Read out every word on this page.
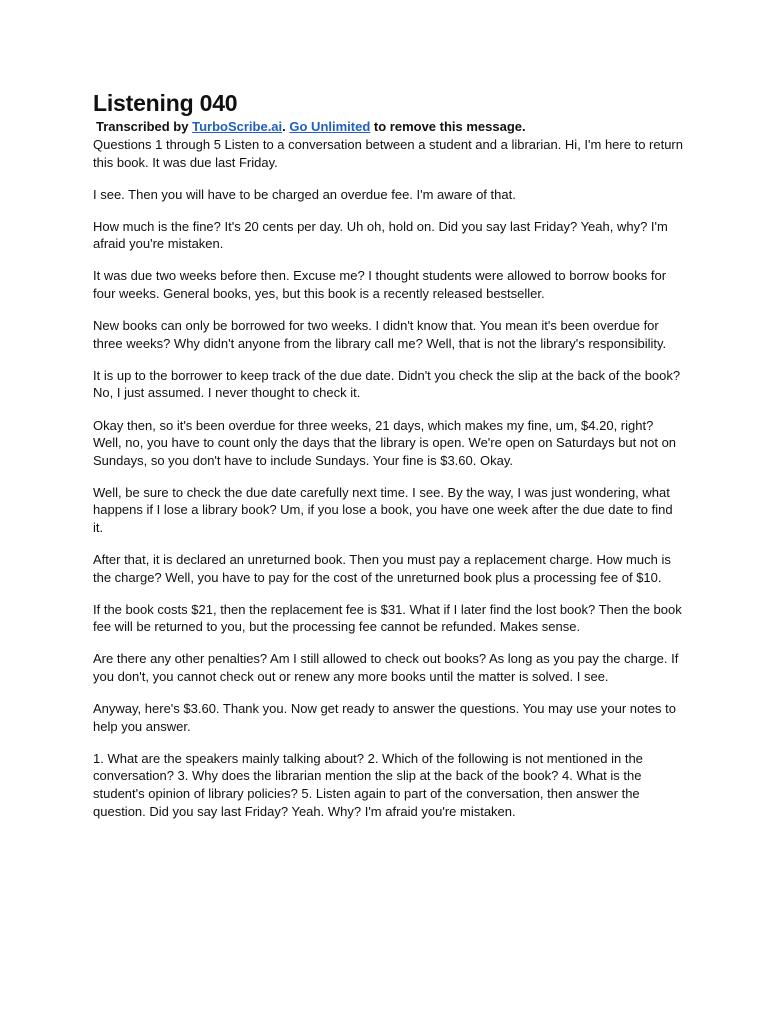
Listening 040

Transcribed by TurboScribe.ai. Go Unlimited to remove this message.

Questions 1 through 5 Listen to a conversation between a student and a librarian. Hi, I'm here to return this book. It was due last Friday.

I see. Then you will have to be charged an overdue fee. I'm aware of that.

How much is the fine? It's 20 cents per day. Uh oh, hold on. Did you say last Friday? Yeah, why? I'm afraid you're mistaken.

It was due two weeks before then. Excuse me? I thought students were allowed to borrow books for four weeks. General books, yes, but this book is a recently released bestseller.

New books can only be borrowed for two weeks. I didn't know that. You mean it's been overdue for three weeks? Why didn't anyone from the library call me? Well, that is not the library's responsibility.

It is up to the borrower to keep track of the due date. Didn't you check the slip at the back of the book? No, I just assumed. I never thought to check it.

Okay then, so it's been overdue for three weeks, 21 days, which makes my fine, um, $4.20, right? Well, no, you have to count only the days that the library is open. We're open on Saturdays but not on Sundays, so you don't have to include Sundays. Your fine is $3.60. Okay.

Well, be sure to check the due date carefully next time. I see. By the way, I was just wondering, what happens if I lose a library book? Um, if you lose a book, you have one week after the due date to find it.

After that, it is declared an unreturned book. Then you must pay a replacement charge. How much is the charge? Well, you have to pay for the cost of the unreturned book plus a processing fee of $10.

If the book costs $21, then the replacement fee is $31. What if I later find the lost book? Then the book fee will be returned to you, but the processing fee cannot be refunded. Makes sense.

Are there any other penalties? Am I still allowed to check out books? As long as you pay the charge. If you don't, you cannot check out or renew any more books until the matter is solved. I see.

Anyway, here's $3.60. Thank you. Now get ready to answer the questions. You may use your notes to help you answer.

1. What are the speakers mainly talking about? 2. Which of the following is not mentioned in the conversation? 3. Why does the librarian mention the slip at the back of the book? 4. What is the student's opinion of library policies? 5. Listen again to part of the conversation, then answer the question. Did you say last Friday? Yeah. Why? I'm afraid you're mistaken.
